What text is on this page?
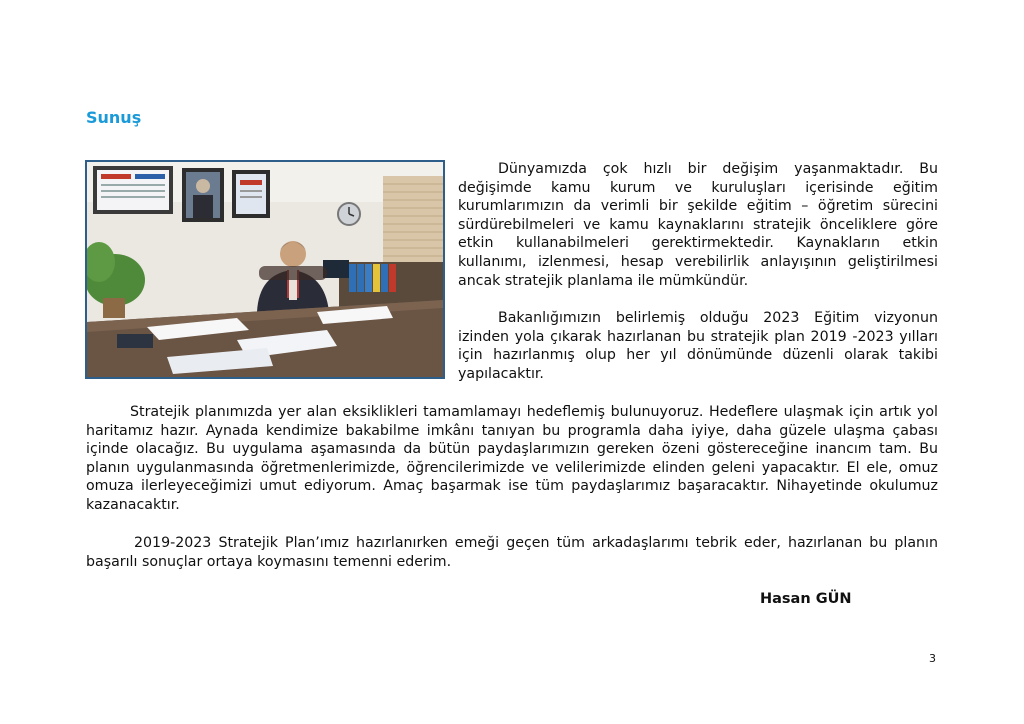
Sunuş

Dünyamızda çok hızlı bir değişim yaşanmaktadır. Bu değişimde kamu kurum ve kuruluşları içerisinde eğitim kurumlarımızın da verimli bir şekilde eğitim – öğretim sürecini sürdürebilmeleri ve kamu kaynaklarını stratejik önceliklere göre etkin kullanabilmeleri gerektirmektedir. Kaynakların etkin kullanımı, izlenmesi, hesap verebilirlik anlayışının geliştirilmesi ancak stratejik planlama ile mümkündür.

Bakanlığımızın belirlemiş olduğu 2023 Eğitim vizyonun izinden yola çıkarak hazırlanan bu stratejik plan 2019 -2023 yılları için hazırlanmış olup her yıl dönümünde düzenli olarak takibi yapılacaktır.

Stratejik planımızda yer alan eksiklikleri tamamlamayı hedeflemiş bulunuyoruz. Hedeflere ulaşmak için artık yol haritamız hazır. Aynada kendimize bakabilme imkânı tanıyan bu programla daha iyiye, daha güzele ulaşma çabası içinde olacağız. Bu uygulama aşamasında da bütün paydaşlarımızın gereken özeni göstereceğine inancım tam. Bu planın uygulanmasında öğretmenlerimizde, öğrencilerimizde ve velilerimizde elinden geleni yapacaktır. El ele, omuz omuza ilerleyeceğimizi umut ediyorum. Amaç başarmak ise tüm paydaşlarımız başaracaktır. Nihayetinde okulumuz kazanacaktır.

2019-2023 Stratejik Plan’ımız hazırlanırken emeği geçen tüm arkadaşlarımı tebrik eder, hazırlanan bu planın başarılı sonuçlar ortaya koymasını temenni ederim.

Hasan GÜN
3
